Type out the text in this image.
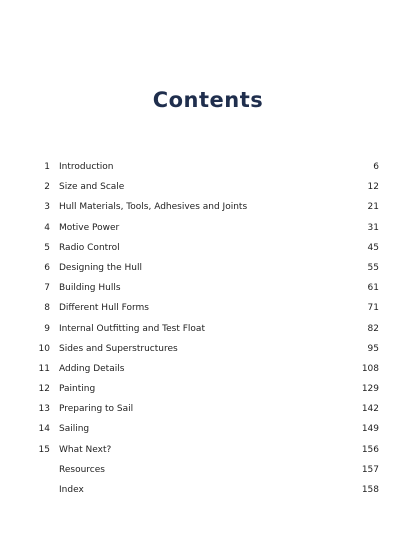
Contents
1 Introduction	6
2 Size and Scale	12
3 Hull Materials, Tools, Adhesives and Joints	21
4 Motive Power	31
5 Radio Control	45
6 Designing the Hull	55
7 Building Hulls	61
8 Different Hull Forms	71
9 Internal Outfitting and Test Float	82
10 Sides and Superstructures	95
11 Adding Details	108
12 Painting	129
13 Preparing to Sail	142
14 Sailing	149
15 What Next?	156
Resources	157
Index	158
